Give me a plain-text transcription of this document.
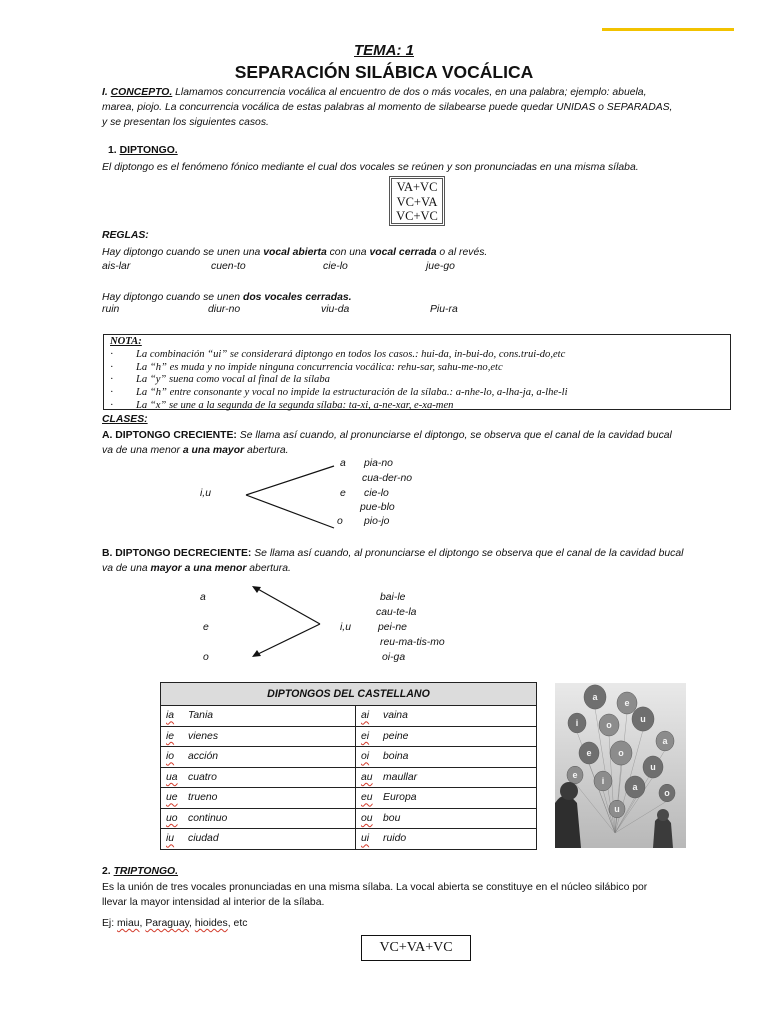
TEMA: 1
SEPARACIÓN SILÁBICA VOCÁLICA
I. CONCEPTO. Llamamos concurrencia vocálica al encuentro de dos o más vocales, en una palabra; ejemplo: abuela,
marea, piojo. La concurrencia vocálica de estas palabras al momento de silabearse puede quedar UNIDAS o SEPARADAS,
y se presentan los siguientes casos.
1. DIPTONGO.
El diptongo es el fenómeno fónico mediante el cual dos vocales se reúnen y son pronunciadas en una misma sílaba.
VA+VC
VC+VA
VC+VC
REGLAS:
Hay diptongo cuando se unen una vocal abierta con una vocal cerrada o al revés.
ais-lar	cuen-to	cie-lo	jue-go
Hay diptongo cuando se unen dos vocales cerradas.
ruin	diur-no	viu-da	Piu-ra
NOTA:
· La combinación “ui” se considerará diptongo en todos los casos.: hui-da, in-bui-do, cons.trui-do,etc
· La “h” es muda y no impide ninguna concurrencia vocálica: rehu-sar, sahu-me-no,etc
· La “y” suena como vocal al final de la sílaba
· La “h” entre consonante y vocal no impide la estructuración de la sílaba.: a-nhe-lo, a-lha-ja, a-lhe-li
· La “x” se une a la segunda de la segunda sílaba: ta-xi, a-ne-xar, e-xa-men
CLASES:
A. DIPTONGO CRECIENTE: Se llama así cuando, al pronunciarse el diptongo, se observa que el canal de la cavidad bucal
va de una menor a una mayor abertura.
i,u
a
e
o
pia-no
cua-der-no
cie-lo
pue-blo
pio-jo
B. DIPTONGO DECRECIENTE: Se llama así cuando, al pronunciarse el diptongo se observa que el canal de la cavidad bucal
va de una mayor a una menor abertura.
a
e
o
i,u
bai-le
cau-te-la
pei-ne
reu-ma-tis-mo
oi-ga
DIPTONGOS DEL CASTELLANO	
ia Tania	ai vaina
ie vienes	ei peine
io acción	oi boina
ua cuatro	au maullar
ue trueno	eu Europa
uo continuo	ou bou
iu ciudad	ui ruido
a
e
i	o
u
a
e	o
u
i
a
e
o
u
2. TRIPTONGO.
Es la unión de tres vocales pronunciadas en una misma sílaba. La vocal abierta se constituye en el núcleo silábico por
llevar la mayor intensidad al interior de la sílaba.
Ej: miau, Paraguay, hioides, etc
VC+VA+VC
